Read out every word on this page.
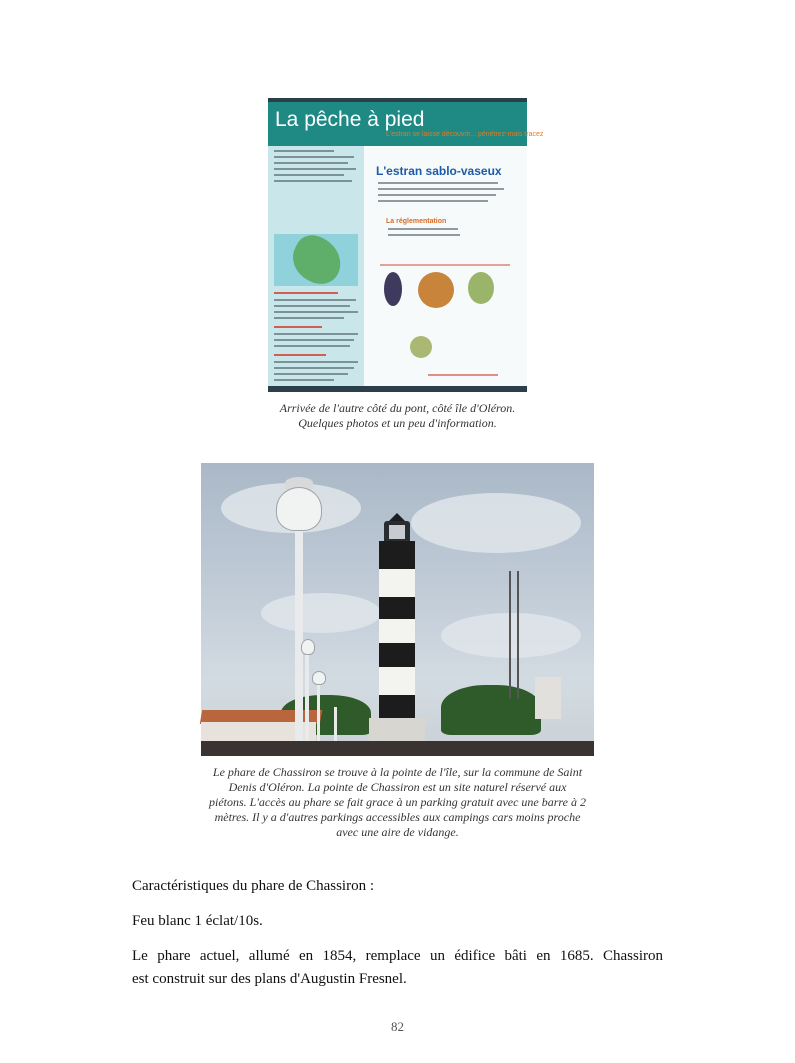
La pêche à pied
L'estran se laisse découvrir... pénétrez-mais tracez
L'estran sablo-vaseux
La réglementation
Arrivée de l'autre côté du pont, côté île d'Oléron.
Quelques photos et un peu d'information.
Le phare de Chassiron se trouve à la pointe de l'île, sur la commune de Saint
Denis d'Oléron. La pointe de Chassiron est un site naturel réservé aux
piétons. L'accès au phare se fait grace à un parking gratuit avec une barre à 2
mètres. Il y a d'autres parkings accessibles aux campings cars moins proche
avec une aire de vidange.
Caractéristiques du phare de Chassiron :
Feu blanc 1 éclat/10s.
Le phare actuel, allumé en 1854, remplace un édifice bâti en 1685. Chassiron
est construit sur des plans d'Augustin Fresnel.
82
